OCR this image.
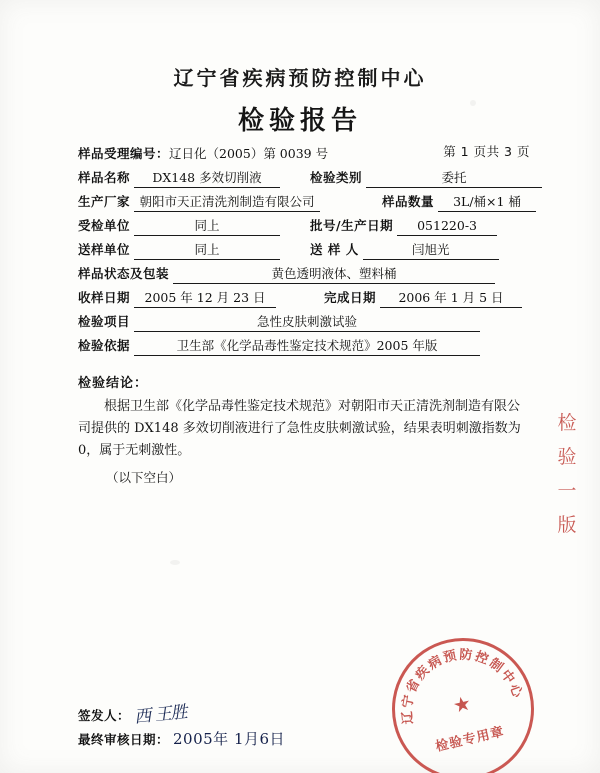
辽宁省疾病预防控制中心
检验报告
样品受理编号：辽日化（2005）第 0039 号	第 1 页共 3 页
样品名称 DX148 多效切削液	检验类别	委托
生产厂家 朝阳市天正清洗剂制造有限公司	样品数量 3L/桶×1 桶
受检单位	同上	批号/生产日期 051220-3
送样单位	同上	送 样 人	闫旭光
样品状态及包装	黄色透明液体、塑料桶
收样日期 2005 年 12 月 23 日	完成日期 2006 年 1 月 5 日
检验项目	急性皮肤刺激试验
检验依据	卫生部《化学品毒性鉴定技术规范》2005 年版
检验结论：
根据卫生部《化学品毒性鉴定技术规范》对朝阳市天正清洗剂制造有限公司提供的 DX148 多效切削液进行了急性皮肤刺激试验，结果表明刺激指数为 0，属于无刺激性。
（以下空白）
检 验 一 版
签发人： 西 王胜
最终审核日期： 2005年 1月6日
辽宁省疾病预防控制中心
★
检验专用章
